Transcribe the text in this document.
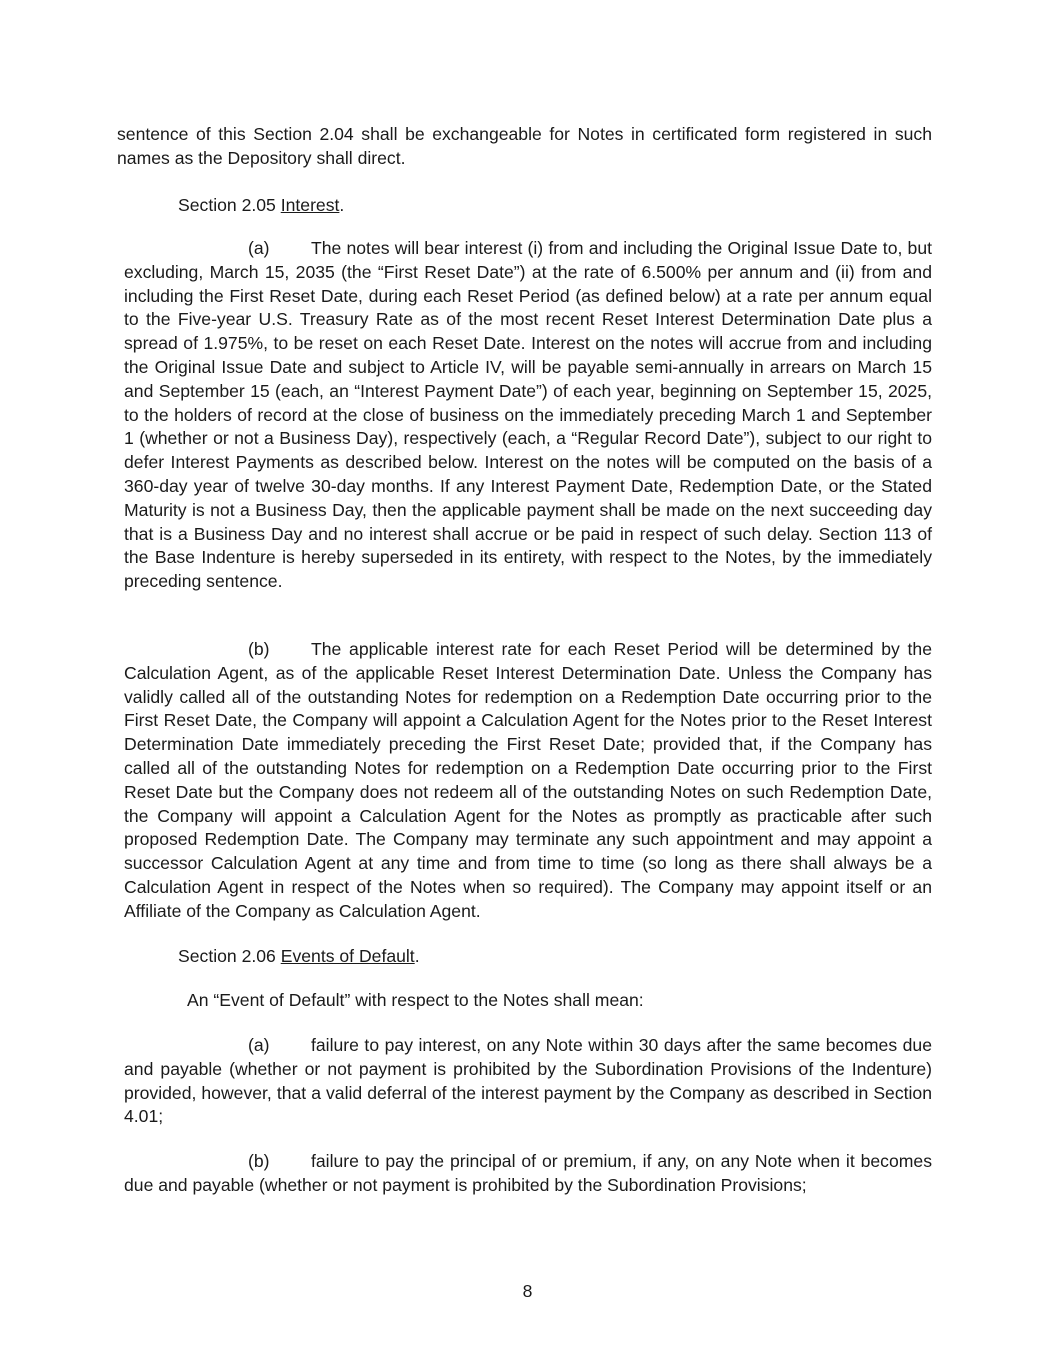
sentence of this Section 2.04 shall be exchangeable for Notes in certificated form registered in such names as the Depository shall direct.

Section 2.05 Interest.

(a) The notes will bear interest (i) from and including the Original Issue Date to, but excluding, March 15, 2035 (the “First Reset Date”) at the rate of 6.500% per annum and (ii) from and including the First Reset Date, during each Reset Period (as defined below) at a rate per annum equal to the Five-year U.S. Treasury Rate as of the most recent Reset Interest Determination Date plus a spread of 1.975%, to be reset on each Reset Date. Interest on the notes will accrue from and including the Original Issue Date and subject to Article IV, will be payable semi-annually in arrears on March 15 and September 15 (each, an “Interest Payment Date”) of each year, beginning on September 15, 2025, to the holders of record at the close of business on the immediately preceding March 1 and September 1 (whether or not a Business Day), respectively (each, a “Regular Record Date”), subject to our right to defer Interest Payments as described below. Interest on the notes will be computed on the basis of a 360-day year of twelve 30-day months. If any Interest Payment Date, Redemption Date, or the Stated Maturity is not a Business Day, then the applicable payment shall be made on the next succeeding day that is a Business Day and no interest shall accrue or be paid in respect of such delay. Section 113 of the Base Indenture is hereby superseded in its entirety, with respect to the Notes, by the immediately preceding sentence.

(b) The applicable interest rate for each Reset Period will be determined by the Calculation Agent, as of the applicable Reset Interest Determination Date. Unless the Company has validly called all of the outstanding Notes for redemption on a Redemption Date occurring prior to the First Reset Date, the Company will appoint a Calculation Agent for the Notes prior to the Reset Interest Determination Date immediately preceding the First Reset Date; provided that, if the Company has called all of the outstanding Notes for redemption on a Redemption Date occurring prior to the First Reset Date but the Company does not redeem all of the outstanding Notes on such Redemption Date, the Company will appoint a Calculation Agent for the Notes as promptly as practicable after such proposed Redemption Date. The Company may terminate any such appointment and may appoint a successor Calculation Agent at any time and from time to time (so long as there shall always be a Calculation Agent in respect of the Notes when so required). The Company may appoint itself or an Affiliate of the Company as Calculation Agent.

Section 2.06 Events of Default.

An “Event of Default” with respect to the Notes shall mean:

(a) failure to pay interest, on any Note within 30 days after the same becomes due and payable (whether or not payment is prohibited by the Subordination Provisions of the Indenture) provided, however, that a valid deferral of the interest payment by the Company as described in Section 4.01;

(b) failure to pay the principal of or premium, if any, on any Note when it becomes due and payable (whether or not payment is prohibited by the Subordination Provisions;

8
